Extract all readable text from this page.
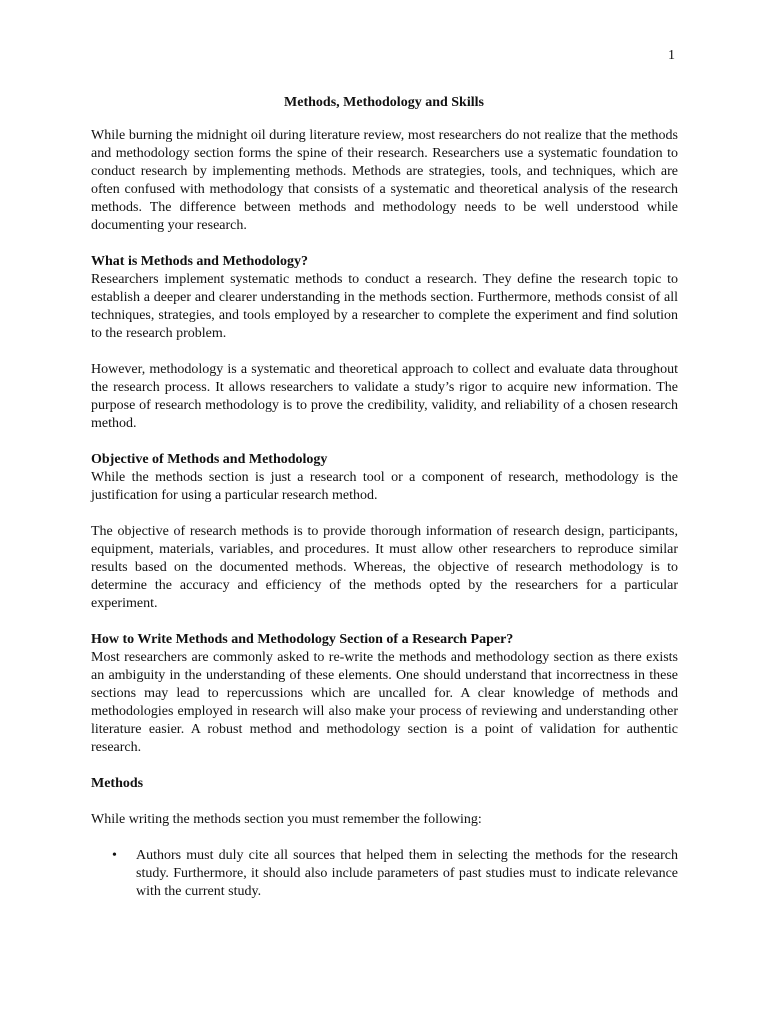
1
Methods, Methodology and Skills

While burning the midnight oil during literature review, most researchers do not realize that the methods and methodology section forms the spine of their research. Researchers use a systematic foundation to conduct research by implementing methods. Methods are strategies, tools, and techniques, which are often confused with methodology that consists of a systematic and theoretical analysis of the research methods. The difference between methods and methodology needs to be well understood while documenting your research.

What is Methods and Methodology?

Researchers implement systematic methods to conduct a research. They define the research topic to establish a deeper and clearer understanding in the methods section. Furthermore, methods consist of all techniques, strategies, and tools employed by a researcher to complete the experiment and find solution to the research problem.

However, methodology is a systematic and theoretical approach to collect and evaluate data throughout the research process. It allows researchers to validate a study’s rigor to acquire new information. The purpose of research methodology is to prove the credibility, validity, and reliability of a chosen research method.

Objective of Methods and Methodology

While the methods section is just a research tool or a component of research, methodology is the justification for using a particular research method.

The objective of research methods is to provide thorough information of research design, participants, equipment, materials, variables, and procedures. It must allow other researchers to reproduce similar results based on the documented methods. Whereas, the objective of research methodology is to determine the accuracy and efficiency of the methods opted by the researchers for a particular experiment.

How to Write Methods and Methodology Section of a Research Paper?

Most researchers are commonly asked to re-write the methods and methodology section as there exists an ambiguity in the understanding of these elements. One should understand that incorrectness in these sections may lead to repercussions which are uncalled for. A clear knowledge of methods and methodologies employed in research will also make your process of reviewing and understanding other literature easier. A robust method and methodology section is a point of validation for authentic research.

Methods

While writing the methods section you must remember the following:

• Authors must duly cite all sources that helped them in selecting the methods for the research study. Furthermore, it should also include parameters of past studies must to indicate relevance with the current study.
